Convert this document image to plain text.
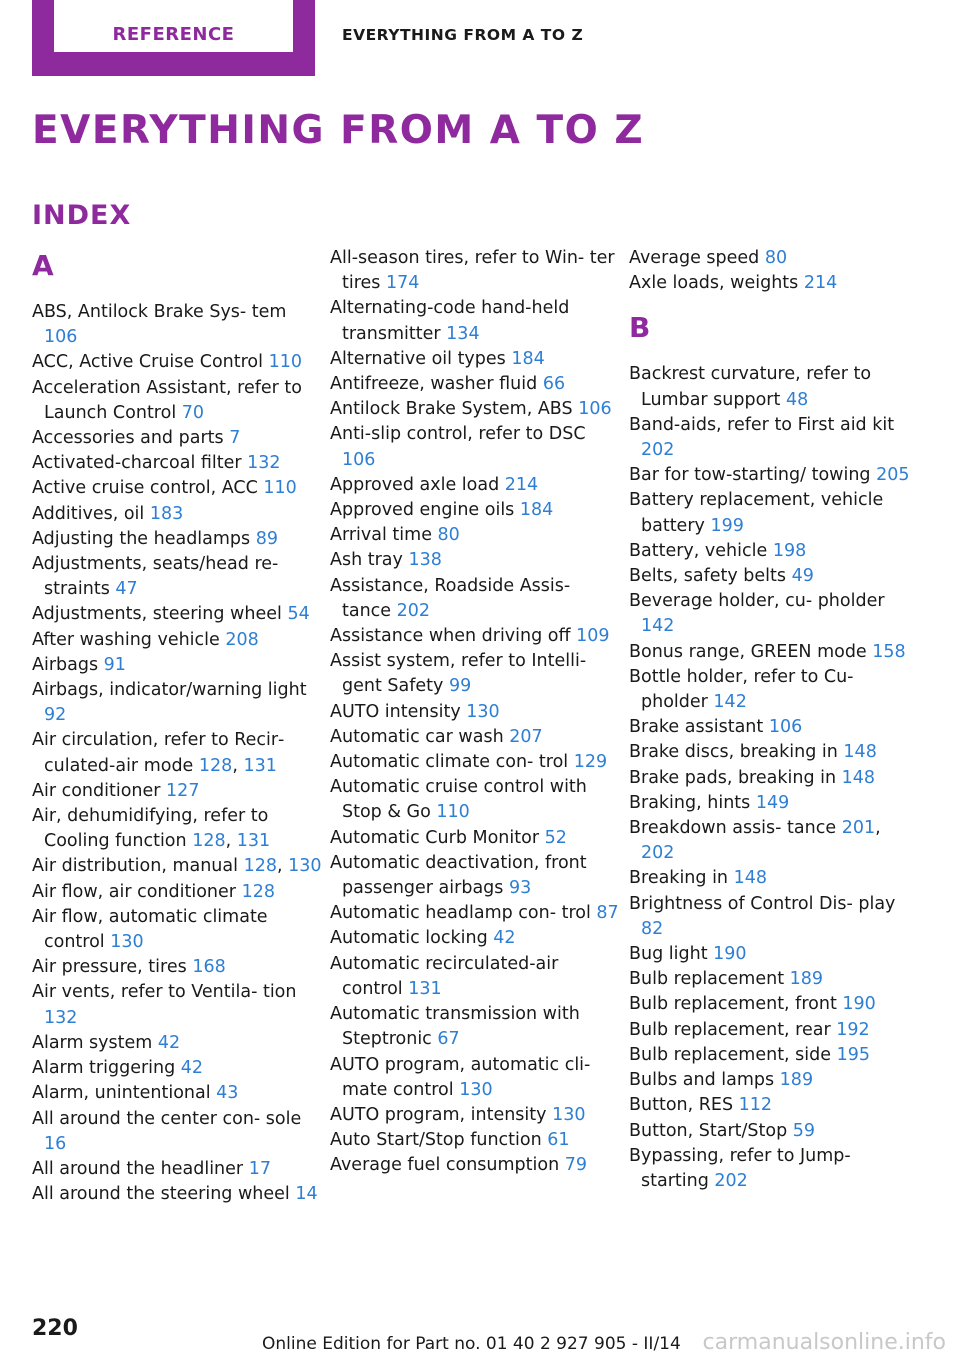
REFERENCE	EVERYTHING FROM A TO Z
EVERYTHING FROM A TO Z
INDEX
A
ABS, Antilock Brake Sys‐ tem 106
ACC, Active Cruise Control 110
Acceleration Assistant, refer to Launch Control 70
Accessories and parts 7
Activated-charcoal filter 132
Active cruise control, ACC 110
Additives, oil 183
Adjusting the headlamps 89
Adjustments, seats/head re‐ straints 47
Adjustments, steering wheel 54
After washing vehicle 208
Airbags 91
Airbags, indicator/warning light 92
Air circulation, refer to Recir‐ culated-air mode 128, 131
Air conditioner 127
Air, dehumidifying, refer to Cooling function 128, 131
Air distribution, manual 128, 130
Air flow, air conditioner 128
Air flow, automatic climate control 130
Air pressure, tires 168
Air vents, refer to Ventila‐ tion 132
Alarm system 42
Alarm triggering 42
Alarm, unintentional 43
All around the center con‐ sole 16
All around the headliner 17
All around the steering wheel 14
All-season tires, refer to Win‐ ter tires 174
Alternating-code hand-held transmitter 134
Alternative oil types 184
Antifreeze, washer fluid 66
Antilock Brake System, ABS 106
Anti-slip control, refer to DSC 106
Approved axle load 214
Approved engine oils 184
Arrival time 80
Ash tray 138
Assistance, Roadside Assis‐ tance 202
Assistance when driving off 109
Assist system, refer to Intelli‐ gent Safety 99
AUTO intensity 130
Automatic car wash 207
Automatic climate con‐ trol 129
Automatic cruise control with Stop & Go 110
Automatic Curb Monitor 52
Automatic deactivation, front passenger airbags 93
Automatic headlamp con‐ trol 87
Automatic locking 42
Automatic recirculated-air control 131
Automatic transmission with Steptronic 67
AUTO program, automatic cli‐ mate control 130
AUTO program, intensity 130
Auto Start/Stop function 61
Average fuel consumption 79
Average speed 80
Axle loads, weights 214
B
Backrest curvature, refer to Lumbar support 48
Band-aids, refer to First aid kit 202
Bar for tow-starting/ towing 205
Battery replacement, vehicle battery 199
Battery, vehicle 198
Belts, safety belts 49
Beverage holder, cu‐ pholder 142
Bonus range, GREEN mode 158
Bottle holder, refer to Cu‐ pholder 142
Brake assistant 106
Brake discs, breaking in 148
Brake pads, breaking in 148
Braking, hints 149
Breakdown assis‐ tance 201, 202
Breaking in 148
Brightness of Control Dis‐ play 82
Bug light 190
Bulb replacement 189
Bulb replacement, front 190
Bulb replacement, rear 192
Bulb replacement, side 195
Bulbs and lamps 189
Button, RES 112
Button, Start/Stop 59
Bypassing, refer to Jump- starting 202
220
Online Edition for Part no. 01 40 2 927 905 - II/14 carmanualsonline.info
